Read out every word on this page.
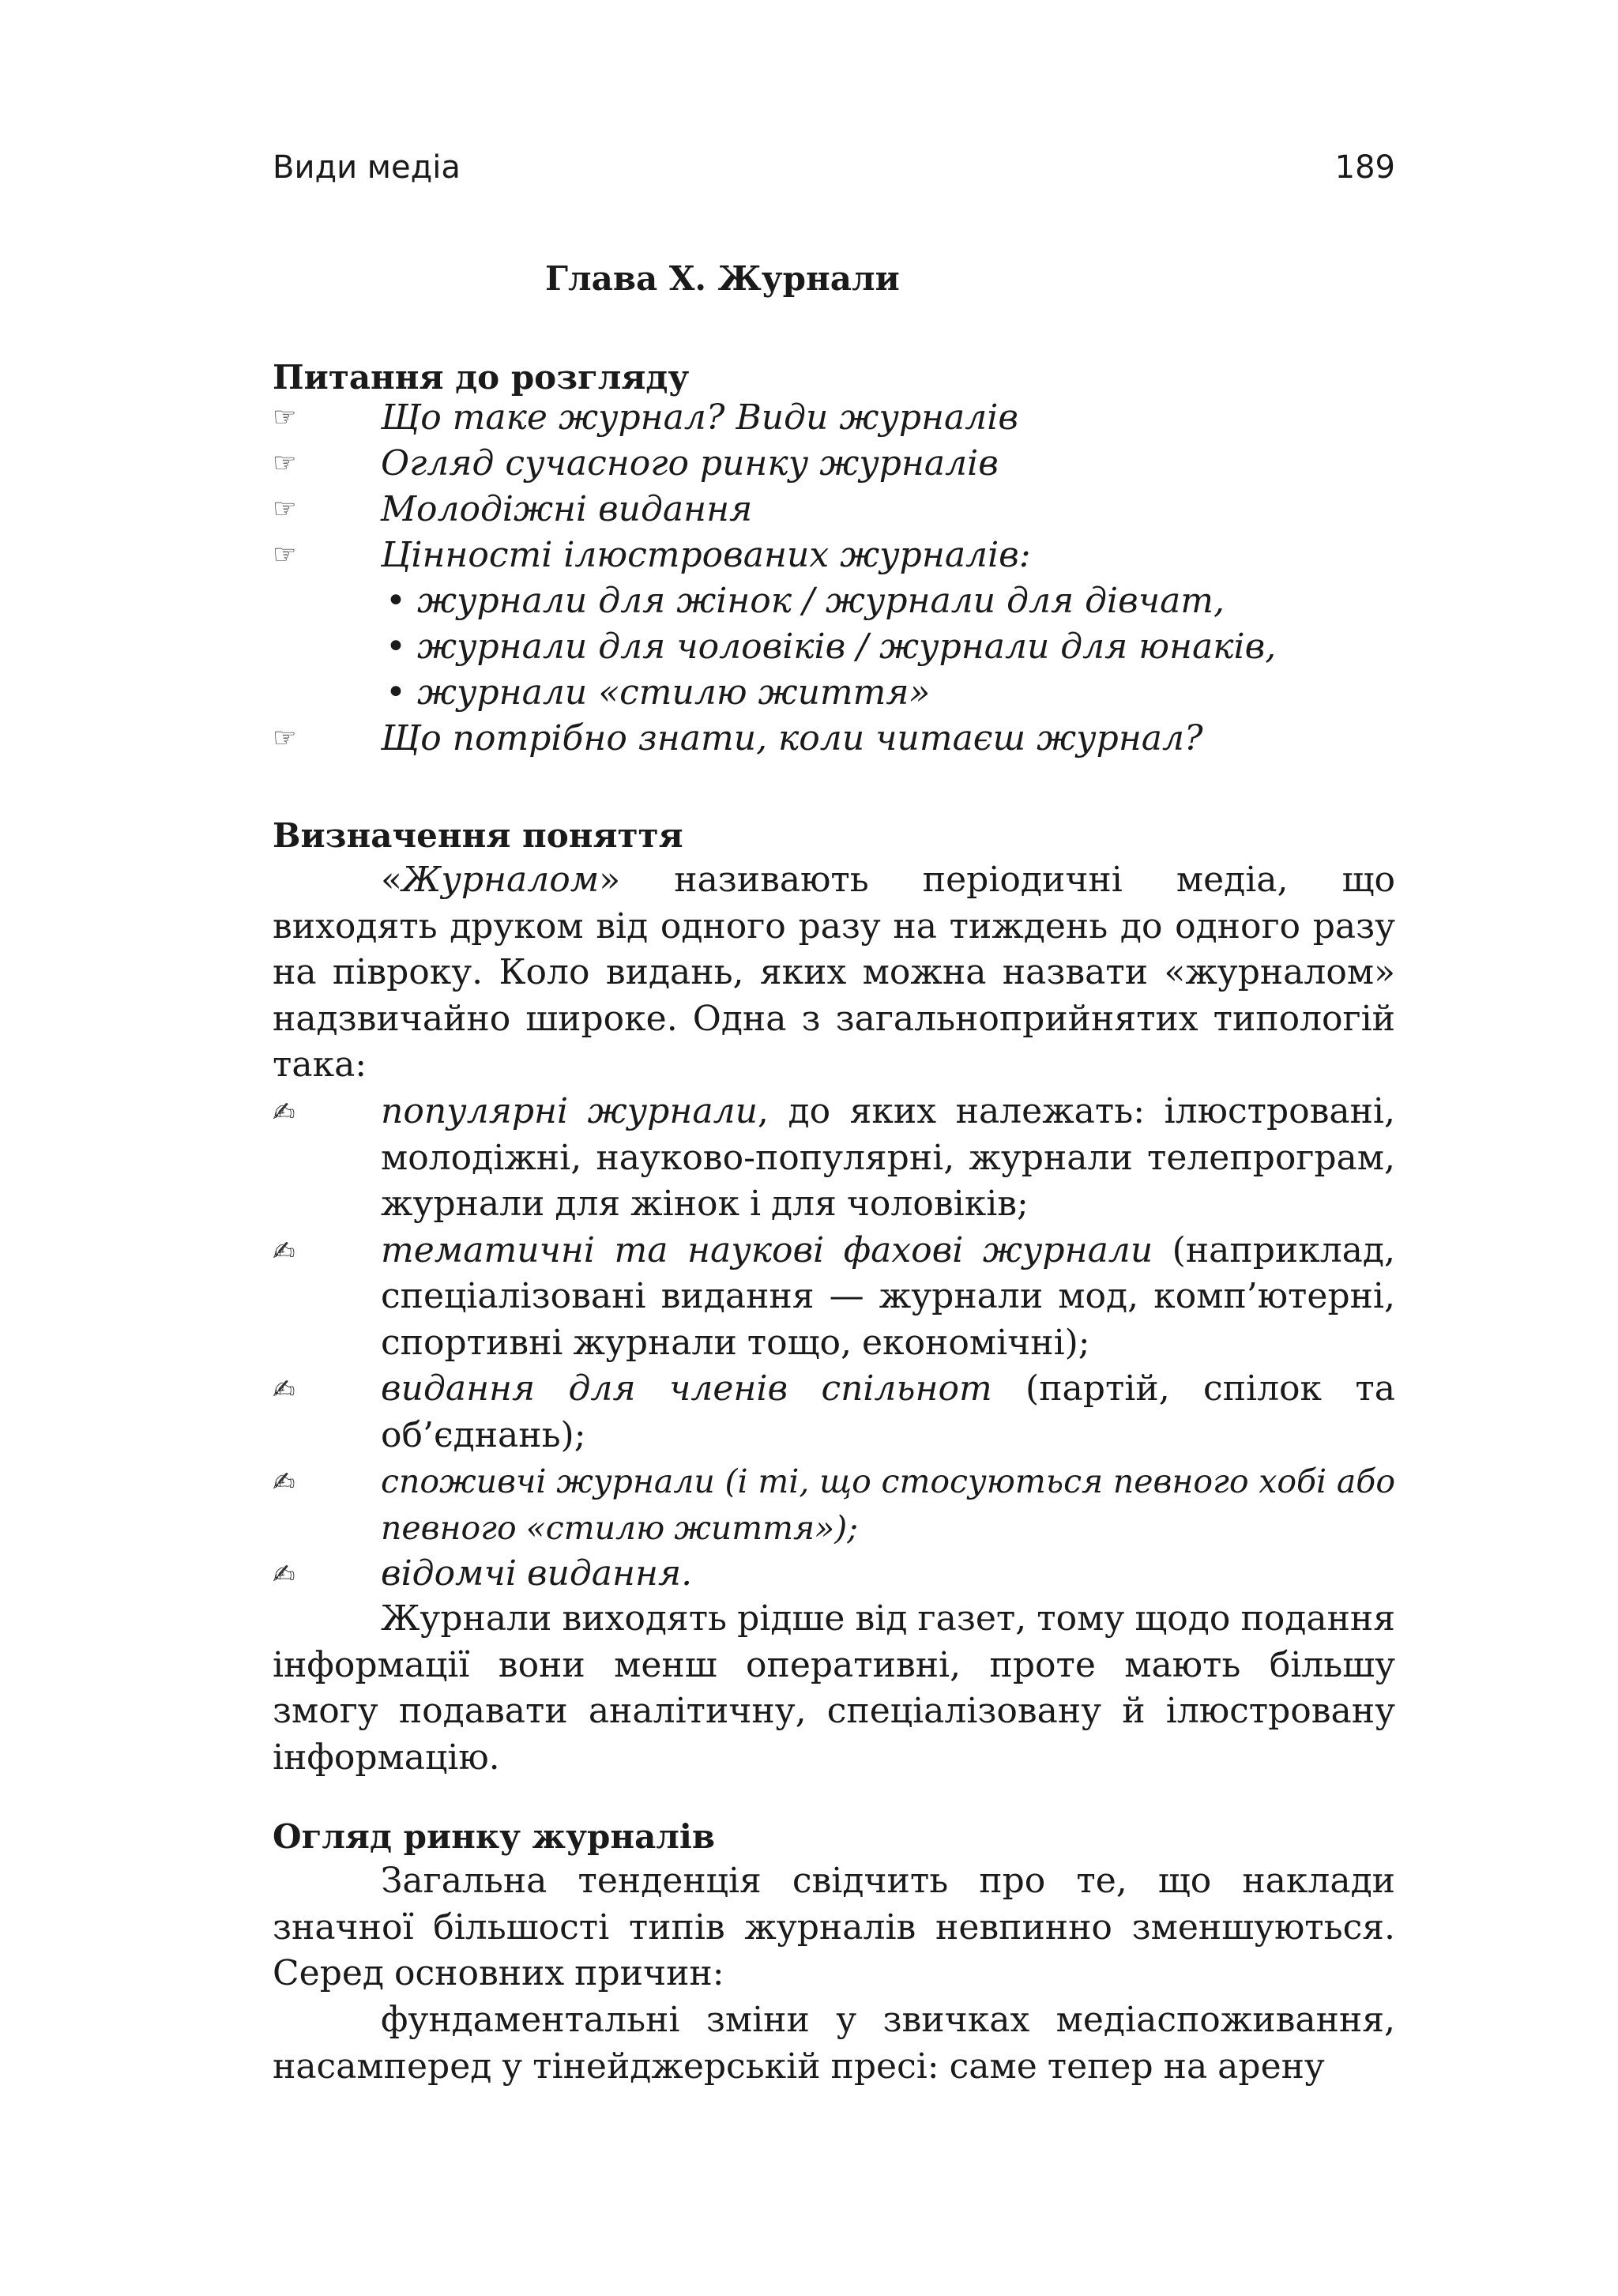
Види медіа	189
Глава X. Журнали
Питання до розгляду
☞ Що таке журнал? Види журналів
☞ Огляд сучасного ринку журналів
☞ Молодіжні видання
☞ Цінності ілюстрованих журналів:
• журнали для жінок / журнали для дівчат,
• журнали для чоловіків / журнали для юнаків,
• журнали «стилю життя»
☞ Що потрібно знати, коли читаєш журнал?
Визначення поняття

«Журналом» називають періодичні медіа, що виходять друком від одного разу на тиждень до одного разу на півроку. Коло видань, яких можна назвати «журналом» надзвичайно широке. Одна з загальноприйнятих типологій така:

✍ популярні журнали, до яких належать: ілюстровані, молодіжні, науково-популярні, журнали телепрограм, журнали для жінок і для чоловіків;
✍ тематичні та наукові фахові журнали (наприклад, спеціалізовані видання — журнали мод, комп’ютерні, спортивні журнали тощо, економічні);
✍ видання для членів спільнот (партій, спілок та об’єднань);
✍	споживчі журнали (і ті, що стосуються певного хобі або певного «стилю життя»);
✍ відомчі видання.

Журнали виходять рідше від газет, тому щодо подання інформації вони менш оперативні, проте мають більшу змогу подавати аналітичну, спеціалізовану й ілюстровану інформацію.

Огляд ринку журналів

Загальна тенденція свідчить про те, що наклади значної більшості типів журналів невпинно зменшуються. Серед основних причин:

фундаментальні зміни у звичках медіаспоживання, насамперед у тінейджерській пресі: саме тепер на арену
